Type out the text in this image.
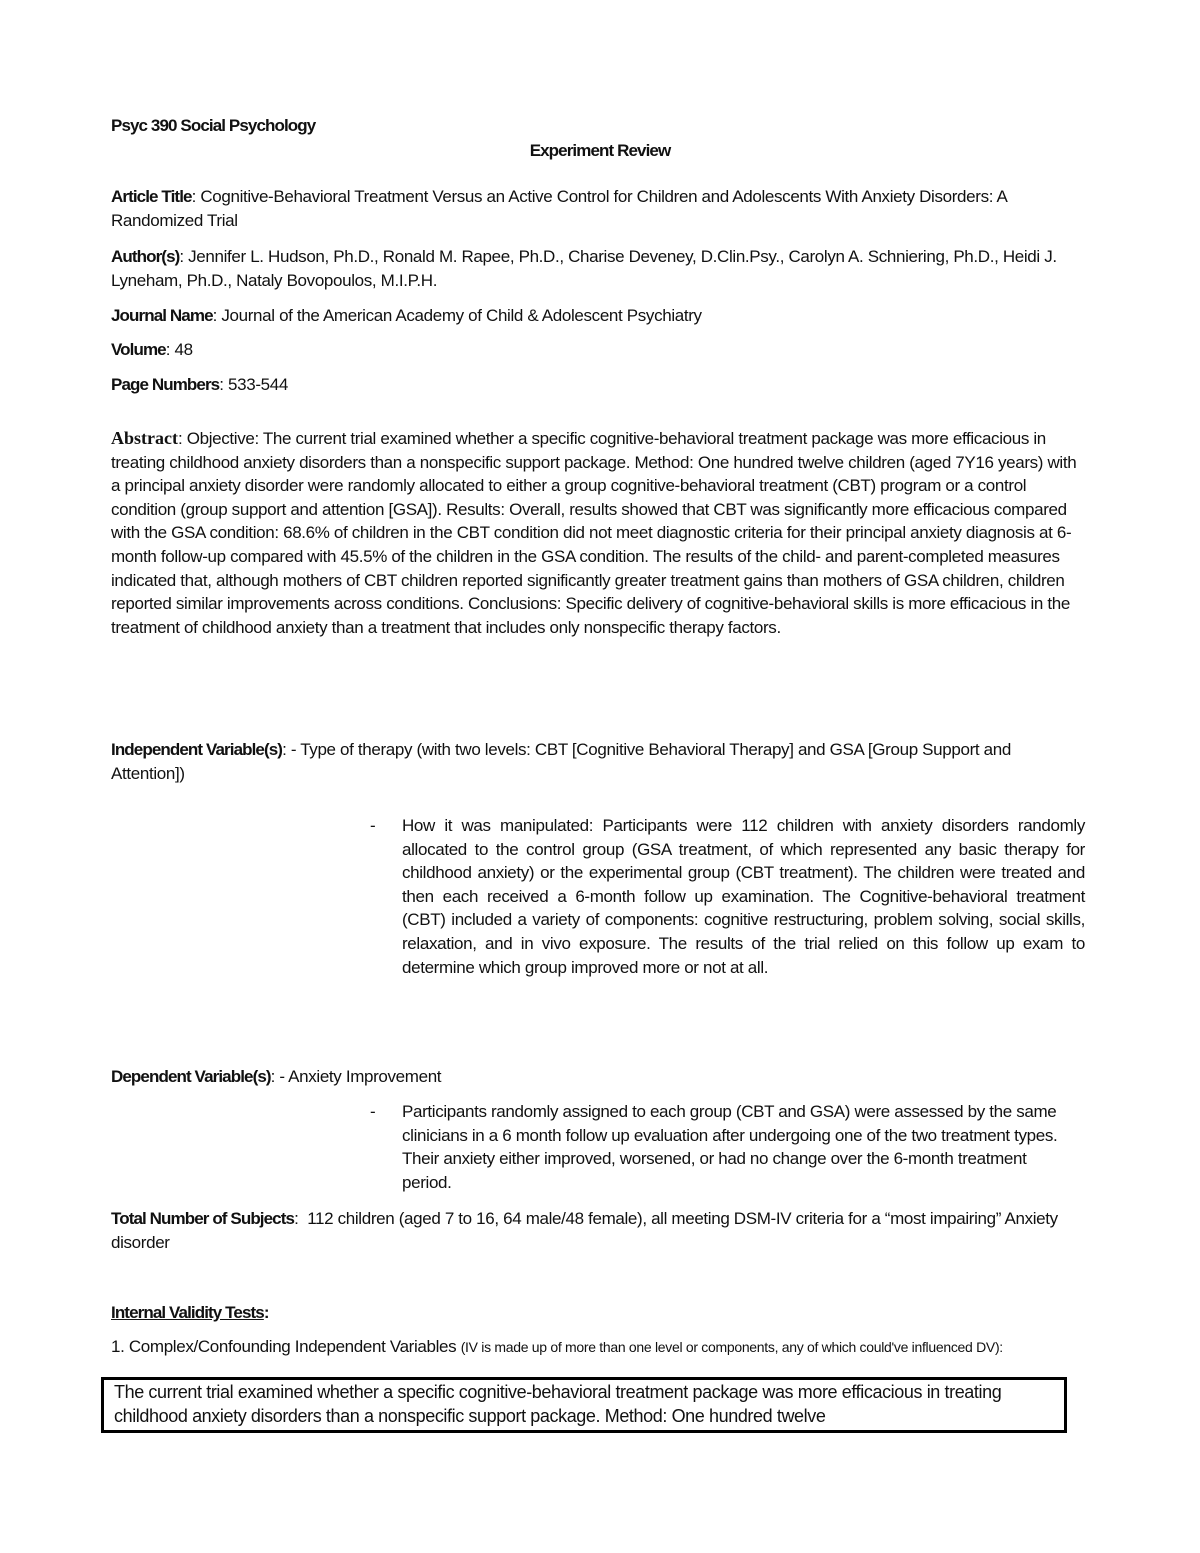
Psyc 390 Social Psychology
Experiment Review
Article Title: Cognitive-Behavioral Treatment Versus an Active Control for Children and Adolescents With Anxiety Disorders: A Randomized Trial
Author(s): Jennifer L. Hudson, Ph.D., Ronald M. Rapee, Ph.D., Charise Deveney, D.Clin.Psy., Carolyn A. Schniering, Ph.D., Heidi J. Lyneham, Ph.D., Nataly Bovopoulos, M.I.P.H.
Journal Name: Journal of the American Academy of Child & Adolescent Psychiatry
Volume: 48
Page Numbers: 533-544
Abstract: Objective: The current trial examined whether a specific cognitive-behavioral treatment package was more efficacious in treating childhood anxiety disorders than a nonspecific support package. Method: One hundred twelve children (aged 7Y16 years) with a principal anxiety disorder were randomly allocated to either a group cognitive-behavioral treatment (CBT) program or a control condition (group support and attention [GSA]). Results: Overall, results showed that CBT was significantly more efficacious compared with the GSA condition: 68.6% of children in the CBT condition did not meet diagnostic criteria for their principal anxiety diagnosis at 6-month follow-up compared with 45.5% of the children in the GSA condition. The results of the child- and parent-completed measures indicated that, although mothers of CBT children reported significantly greater treatment gains than mothers of GSA children, children reported similar improvements across conditions. Conclusions: Specific delivery of cognitive-behavioral skills is more efficacious in the treatment of childhood anxiety than a treatment that includes only nonspecific therapy factors.
Independent Variable(s): - Type of therapy (with two levels: CBT [Cognitive Behavioral Therapy] and GSA [Group Support and Attention])
- How it was manipulated: Participants were 112 children with anxiety disorders randomly allocated to the control group (GSA treatment, of which represented any basic therapy for childhood anxiety) or the experimental group (CBT treatment). The children were treated and then each received a 6-month follow up examination. The Cognitive-behavioral treatment (CBT) included a variety of components: cognitive restructuring, problem solving, social skills, relaxation, and in vivo exposure. The results of the trial relied on this follow up exam to determine which group improved more or not at all.
Dependent Variable(s): - Anxiety Improvement
- Participants randomly assigned to each group (CBT and GSA) were assessed by the same clinicians in a 6 month follow up evaluation after undergoing one of the two treatment types. Their anxiety either improved, worsened, or had no change over the 6-month treatment period.
Total Number of Subjects:  112 children (aged 7 to 16, 64 male/48 female), all meeting DSM-IV criteria for a “most impairing” Anxiety disorder
Internal Validity Tests:
1. Complex/Confounding Independent Variables (IV is made up of more than one level or components, any of which could've influenced DV):
The current trial examined whether a specific cognitive-behavioral treatment package was more efficacious in treating childhood anxiety disorders than a nonspecific support package. Method: One hundred twelve
